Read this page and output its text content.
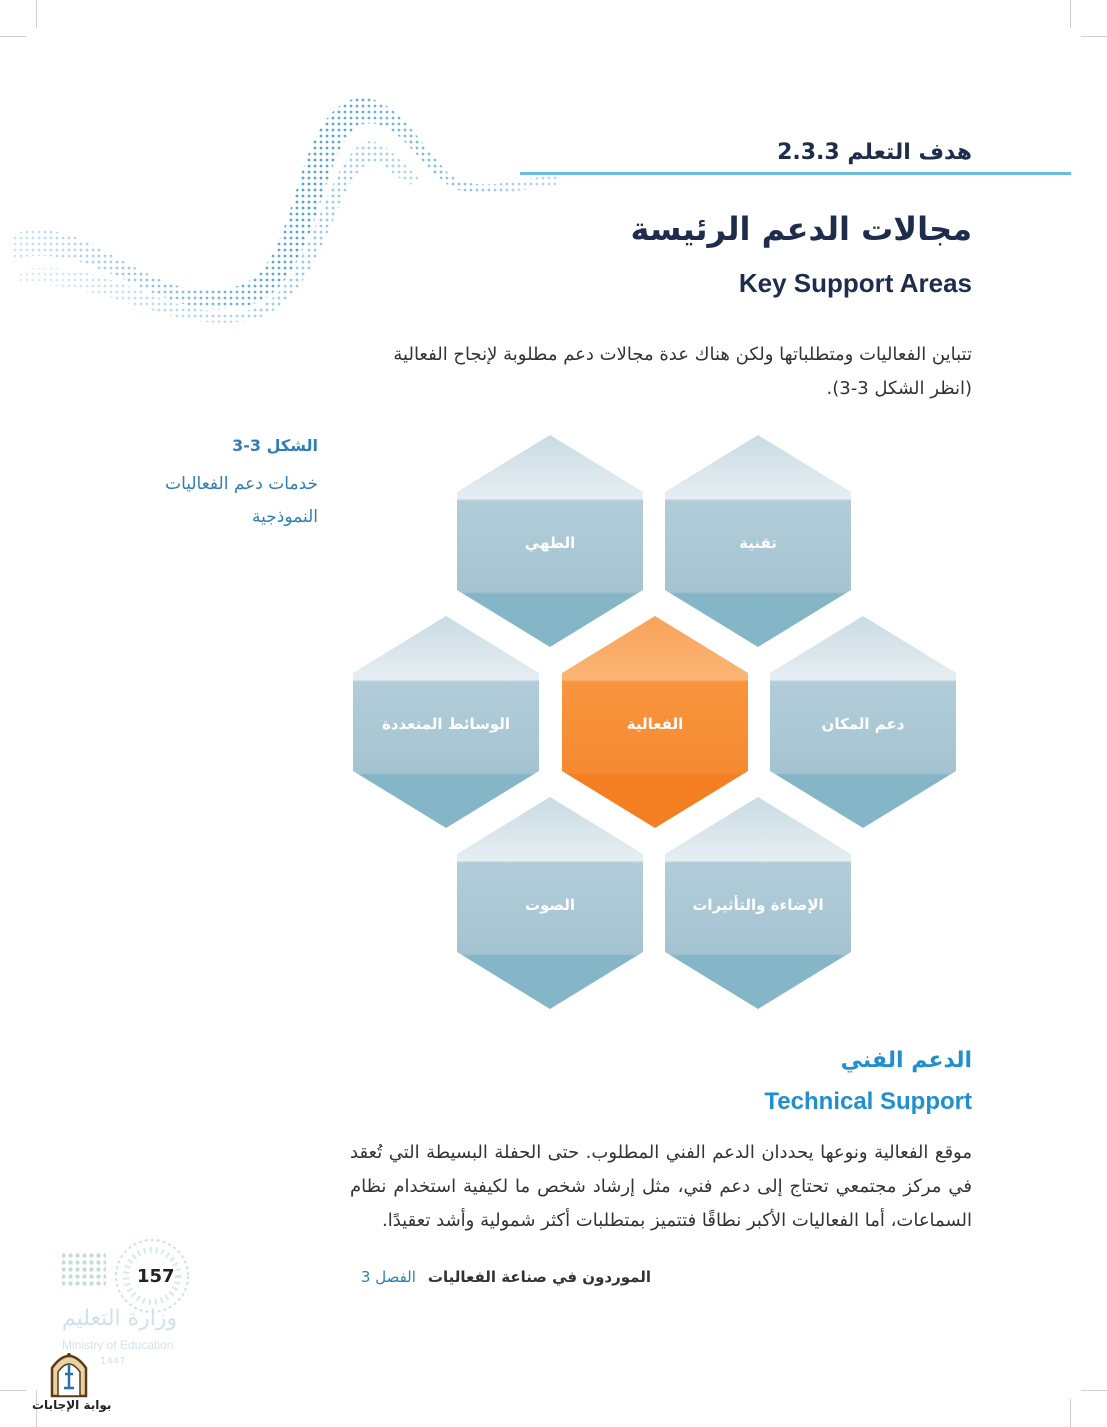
هدف التعلم 2.3.3
مجالات الدعم الرئيسة
Key Support Areas
تتباين الفعاليات ومتطلباتها ولكن هناك عدة مجالات دعم مطلوبة لإنجاح الفعالية
(انظر الشكل 3-3).
الشكل 3-3
خدمات دعم الفعاليات
النموذجية
الطهي	تقنية
الوسائط المتعددة	الفعالية	دعم المكان
الصوت	الإضاءة والتأثيرات
الدعم الفني
Technical Support
موقع الفعالية ونوعها يحددان الدعم الفني المطلوب. حتى الحفلة البسيطة التي تُعقد في مركز مجتمعي تحتاج إلى دعم فني، مثل إرشاد شخص ما لكيفية استخدام نظام السماعات، أما الفعاليات الأكبر نطاقًا فتتميز بمتطلبات أكثر شمولية وأشد تعقيدًا.
الفصل 3 الموردون في صناعة الفعاليات
157
وزارة التعليم
Ministry of Education
1447
بوابة الإجابات
